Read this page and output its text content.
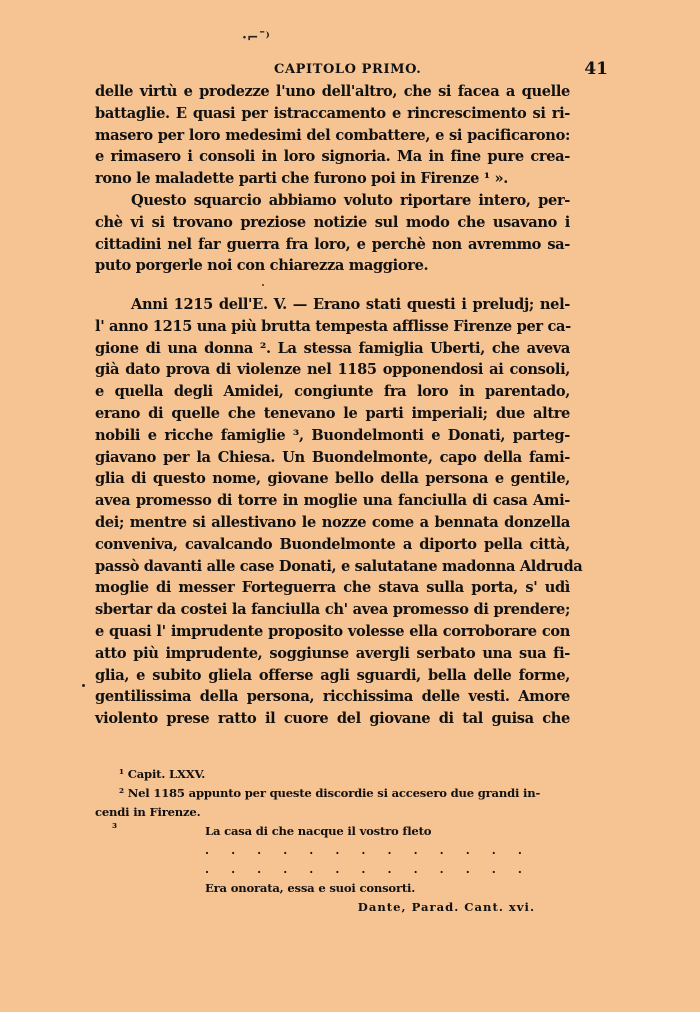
·⌐ˉ⁾
CAPITOLO PRIMO.	41
delle virtù e prodezze l'uno dell'altro, che si facea a quelle
battaglie. E quasi per istraccamento e rincrescimento si ri-
masero per loro medesimi del combattere, e si pacificarono:
e rimasero i consoli in loro signoria. Ma in fine pure crea-
rono le maladette parti che furono poi in Firenze ¹ ».
Questo squarcio abbiamo voluto riportare intero, per-
chè vi si trovano preziose notizie sul modo che usavano i
cittadini nel far guerra fra loro, e perchè non avremmo sa-
puto porgerle noi con chiarezza maggiore.
Anni 1215 dell'E. V. — Erano stati questi i preludj; nel-
l' anno 1215 una più brutta tempesta afflisse Firenze per ca-
gione di una donna ². La stessa famiglia Uberti, che aveva
già dato prova di violenze nel 1185 opponendosi ai consoli,
e quella degli Amidei, congiunte fra loro in parentado,
erano di quelle che tenevano le parti imperiali; due altre
nobili e ricche famiglie ³, Buondelmonti e Donati, parteg-
giavano per la Chiesa. Un Buondelmonte, capo della fami-
glia di questo nome, giovane bello della persona e gentile,
avea promesso di torre in moglie una fanciulla di casa Ami-
dei; mentre si allestivano le nozze come a bennata donzella
conveniva, cavalcando Buondelmonte a diporto pella città,
passò davanti alle case Donati, e salutatane madonna Aldruda
moglie di messer Forteguerra che stava sulla porta, s' udì
sbertar da costei la fanciulla ch' avea promesso di prendere;
e quasi l' imprudente proposito volesse ella corroborare con
atto più imprudente, soggiunse avergli serbato una sua fi-
glia, e subito gliela offerse agli sguardi, bella delle forme,
gentilissima della persona, ricchissima delle vesti. Amore
violento prese ratto il cuore del giovane di tal guisa che
¹ Capit. LXXV.
² Nel 1185 appunto per queste discordie si accesero due grandi in-
cendi in Firenze.
³	La casa di che nacque il vostro fleto
. . . . . . . . . . . . .
. . . . . . . . . . . . .
Era onorata, essa e suoi consorti.
Dante, Parad. Cant. xvi.
